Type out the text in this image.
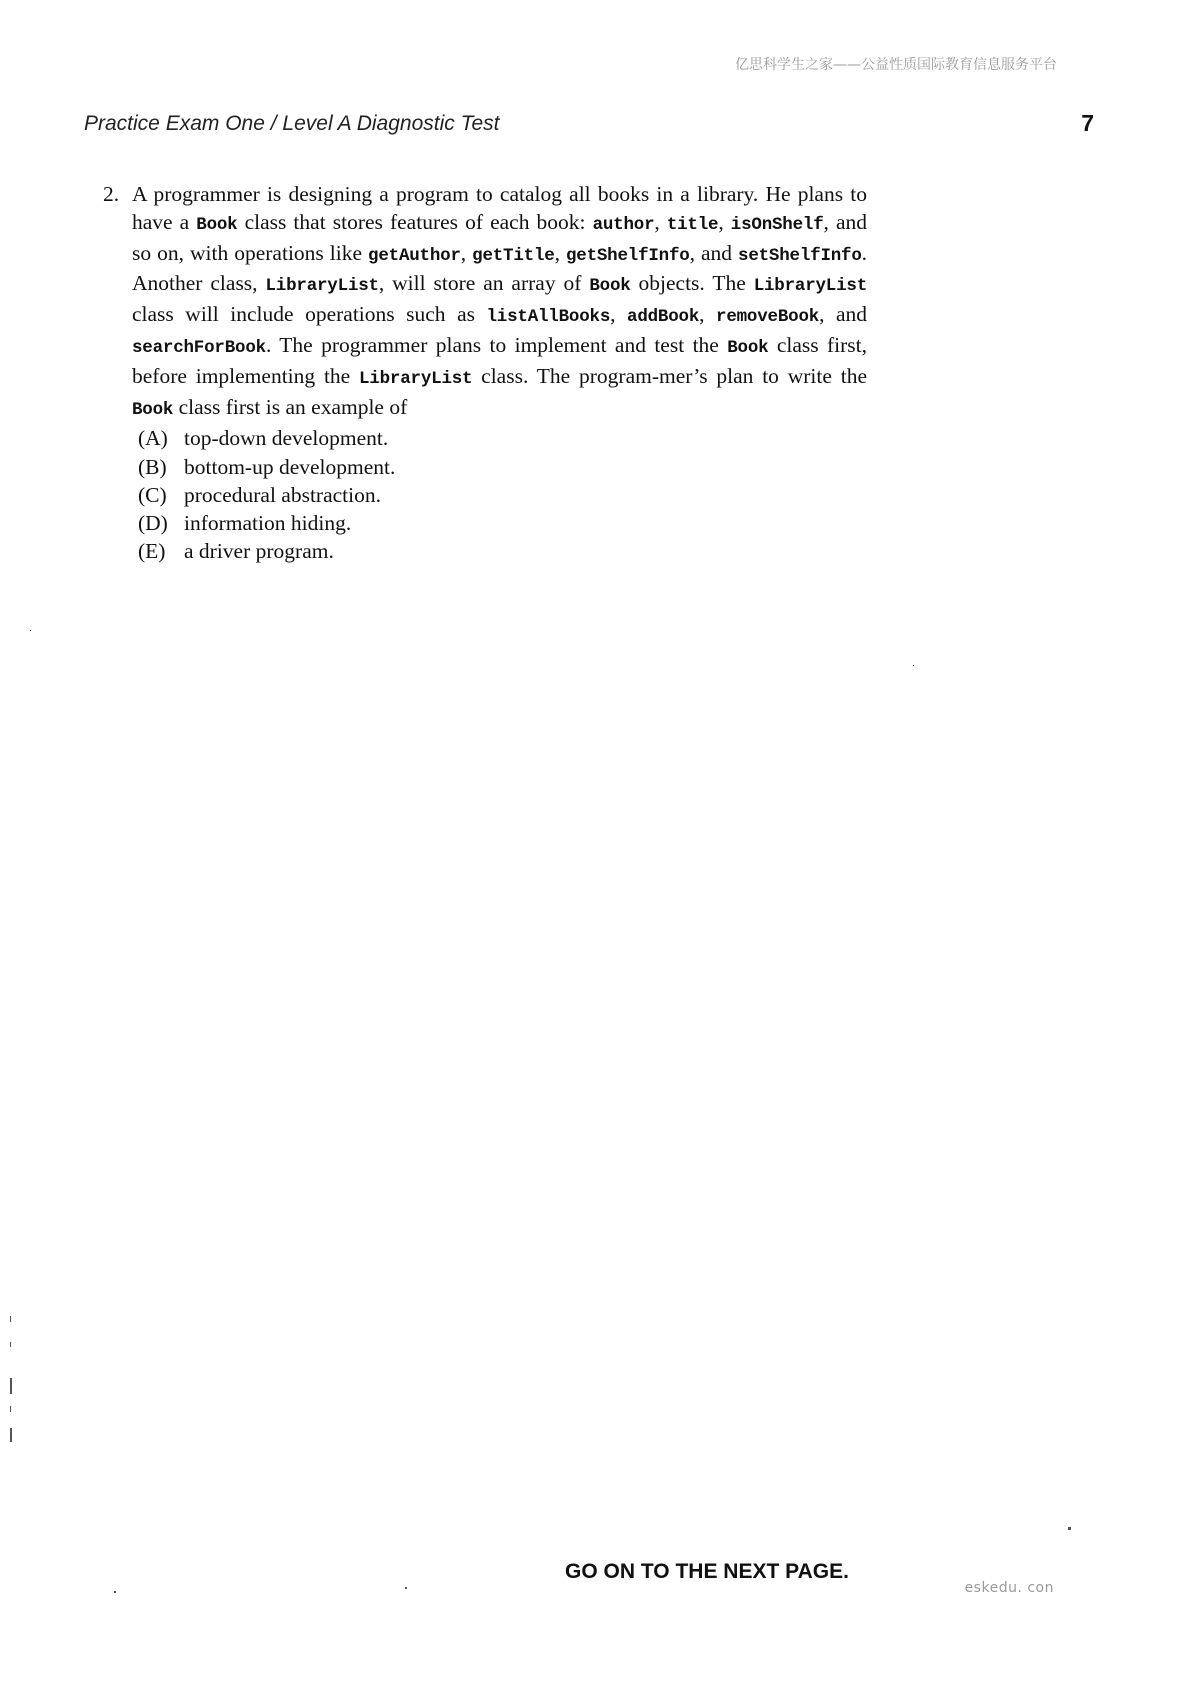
亿思科学生之家——公益性质国际教育信息服务平台
Practice Exam One / Level A Diagnostic Test	7
2. A programmer is designing a program to catalog all books in a library. He plans to have a Book class that stores features of each book: author, title, isOnShelf, and so on, with operations like getAuthor, getTitle, getShelfInfo, and setShelfInfo. Another class, LibraryList, will store an array of Book objects. The LibraryList class will include operations such as listAllBooks, addBook, removeBook, and searchForBook. The programmer plans to implement and test the Book class first, before implementing the LibraryList class. The program-mer’s plan to write the Book class first is an example of
(A) top-down development.
(B) bottom-up development.
(C) procedural abstraction.
(D) information hiding.
(E) a driver program.
GO ON TO THE NEXT PAGE.
eskedu. con
